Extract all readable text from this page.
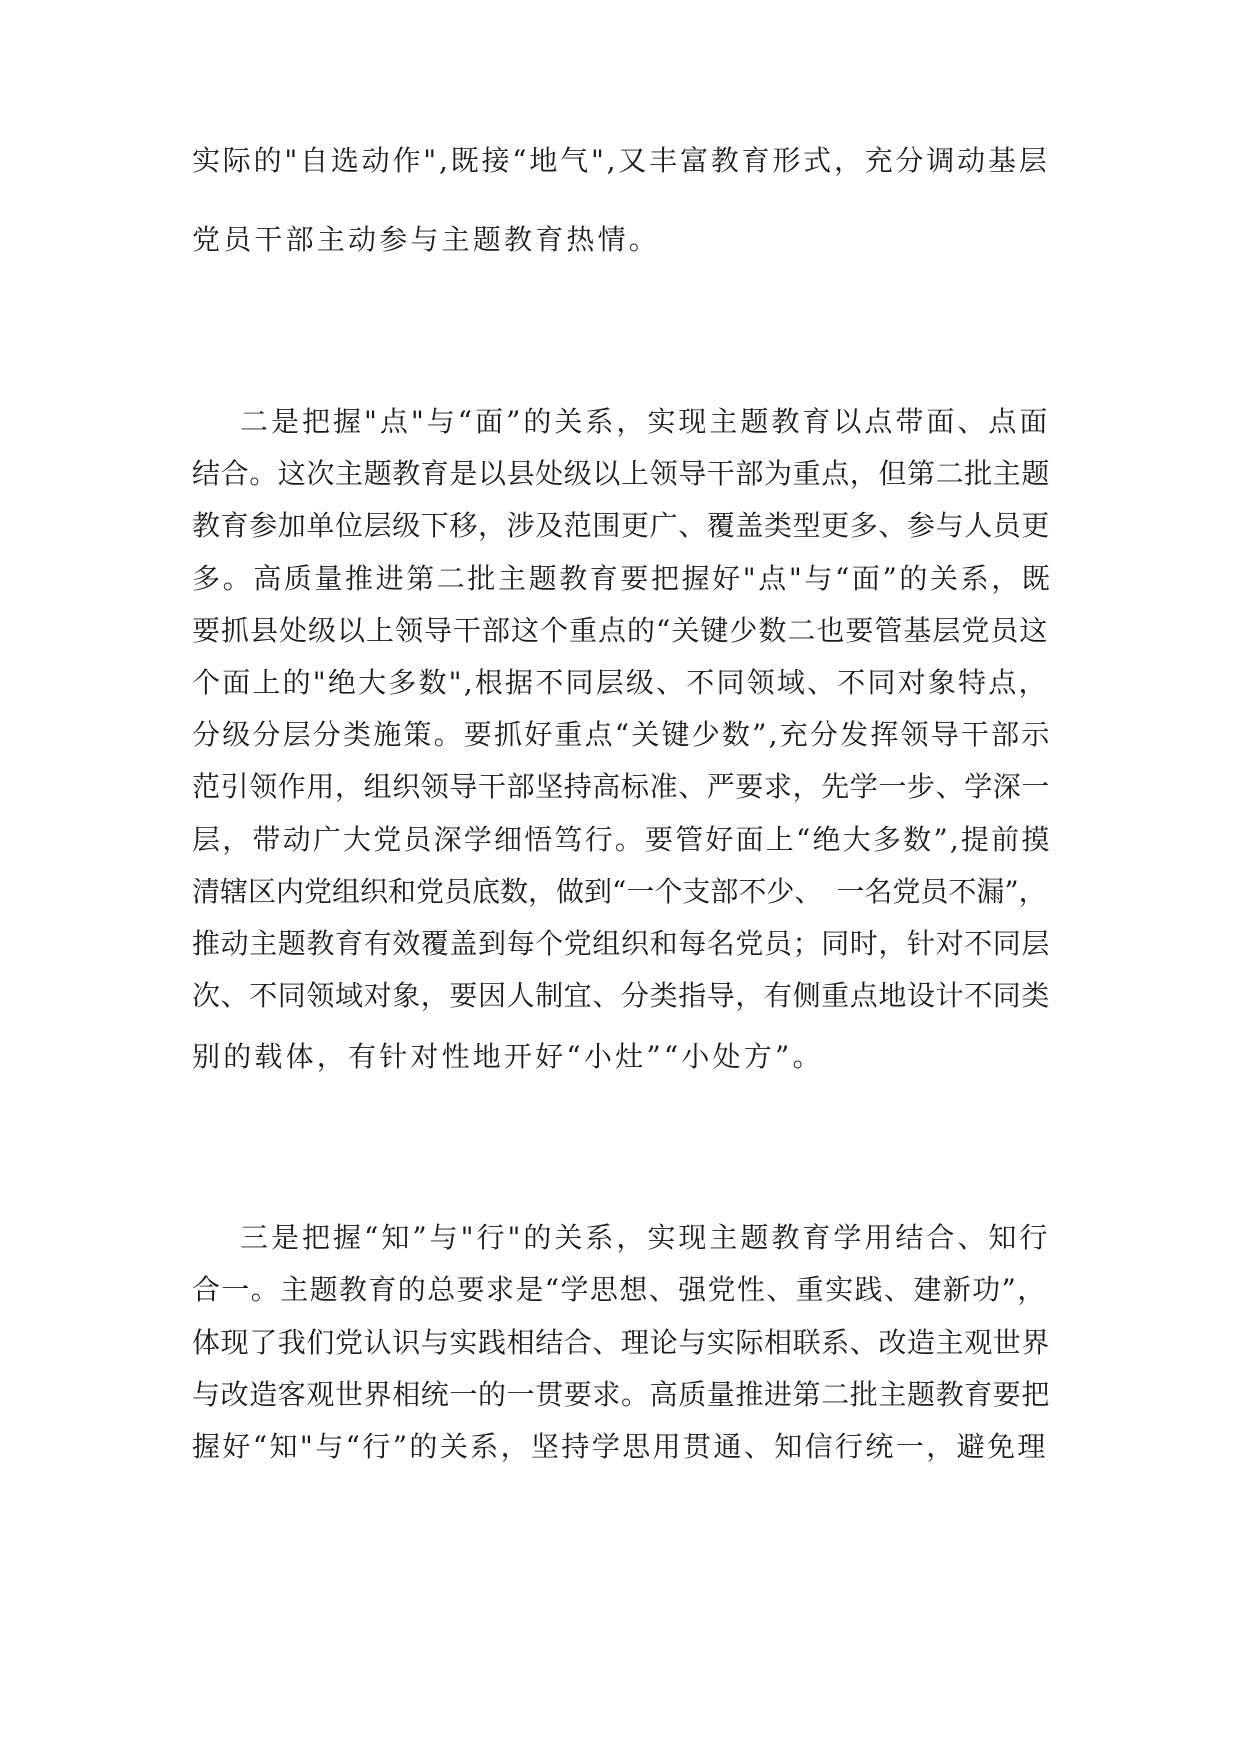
实际的"自选动作",既接“地气",又丰富教育形式，充分调动基层
党员干部主动参与主题教育热情。
二是把握"点"与“面”的关系，实现主题教育以点带面、点面
结合。这次主题教育是以县处级以上领导干部为重点，但第二批主题
教育参加单位层级下移，涉及范围更广、覆盖类型更多、参与人员更
多。高质量推进第二批主题教育要把握好"点"与“面”的关系，既
要抓县处级以上领导干部这个重点的“关键少数二也要管基层党员这
个面上的"绝大多数",根据不同层级、不同领域、不同对象特点，
分级分层分类施策。要抓好重点“关键少数”,充分发挥领导干部示
范引领作用，组织领导干部坚持高标准、严要求，先学一步、学深一
层，带动广大党员深学细悟笃行。要管好面上“绝大多数”,提前摸
清辖区内党组织和党员底数，做到“一个支部不少、　一名党员不漏”，
推动主题教育有效覆盖到每个党组织和每名党员；同时，针对不同层
次、不同领域对象，要因人制宜、分类指导，有侧重点地设计不同类
别的载体，有针对性地开好“小灶”“小处方”。
三是把握“知”与"行"的关系，实现主题教育学用结合、知行
合一。主题教育的总要求是“学思想、强党性、重实践、建新功”，
体现了我们党认识与实践相结合、理论与实际相联系、改造主观世界
与改造客观世界相统一的一贯要求。高质量推进第二批主题教育要把
握好“知"与“行”的关系，坚持学思用贯通、知信行统一，避免理
